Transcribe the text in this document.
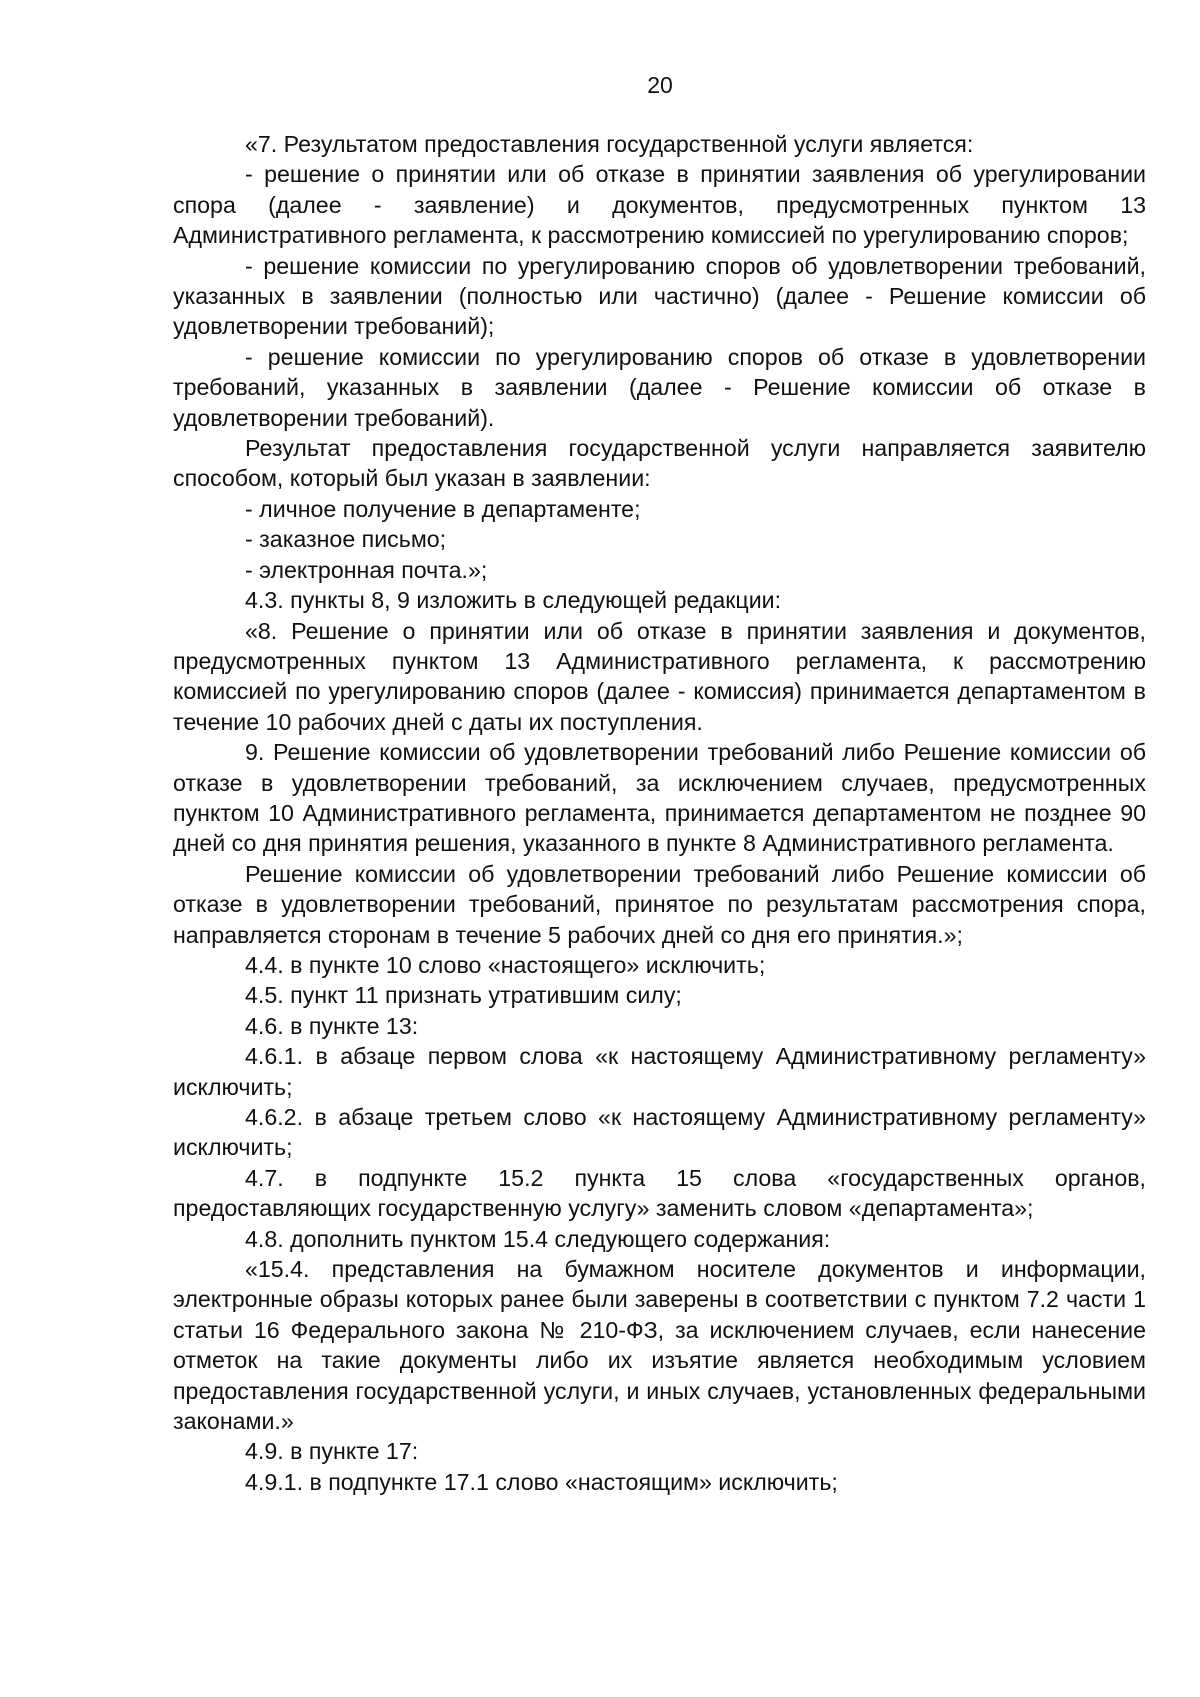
20

«7. Результатом предоставления государственной услуги является:

- решение о принятии или об отказе в принятии заявления об урегулировании спора (далее - заявление) и документов, предусмотренных пунктом 13 Административного регламента, к рассмотрению комиссией по урегулированию споров;

- решение комиссии по урегулированию споров об удовлетворении требований, указанных в заявлении (полностью или частично) (далее - Решение комиссии об удовлетворении требований);

- решение комиссии по урегулированию споров об отказе в удовлетворении требований, указанных в заявлении (далее - Решение комиссии об отказе в удовлетворении требований).

Результат предоставления государственной услуги направляется заявителю способом, который был указан в заявлении:

- личное получение в департаменте;

- заказное письмо;

- электронная почта.»;

4.3. пункты 8, 9 изложить в следующей редакции:

«8. Решение о принятии или об отказе в принятии заявления и документов, предусмотренных пунктом 13 Административного регламента, к рассмотрению комиссией по урегулированию споров (далее - комиссия) принимается департаментом в течение 10 рабочих дней с даты их поступления.

9. Решение комиссии об удовлетворении требований либо Решение комиссии об отказе в удовлетворении требований, за исключением случаев, предусмотренных пунктом 10 Административного регламента, принимается департаментом не позднее 90 дней со дня принятия решения, указанного в пункте 8 Административного регламента.

Решение комиссии об удовлетворении требований либо Решение комиссии об отказе в удовлетворении требований, принятое по результатам рассмотрения спора, направляется сторонам в течение 5 рабочих дней со дня его принятия.»;

4.4. в пункте 10 слово «настоящего» исключить;

4.5. пункт 11 признать утратившим силу;

4.6. в пункте 13:

4.6.1. в абзаце первом слова «к настоящему Административному регламенту» исключить;

4.6.2. в абзаце третьем слово «к настоящему Административному регламенту» исключить;

4.7. в подпункте 15.2 пункта 15 слова «государственных органов, предоставляющих государственную услугу» заменить словом «департамента»;

4.8. дополнить пунктом 15.4 следующего содержания:

«15.4. представления на бумажном носителе документов и информации, электронные образы которых ранее были заверены в соответствии с пунктом 7.2 части 1 статьи 16 Федерального закона № 210-ФЗ, за исключением случаев, если нанесение отметок на такие документы либо их изъятие является необходимым условием предоставления государственной услуги, и иных случаев, установленных федеральными законами.»

4.9. в пункте 17:

4.9.1. в подпункте 17.1 слово «настоящим» исключить;
